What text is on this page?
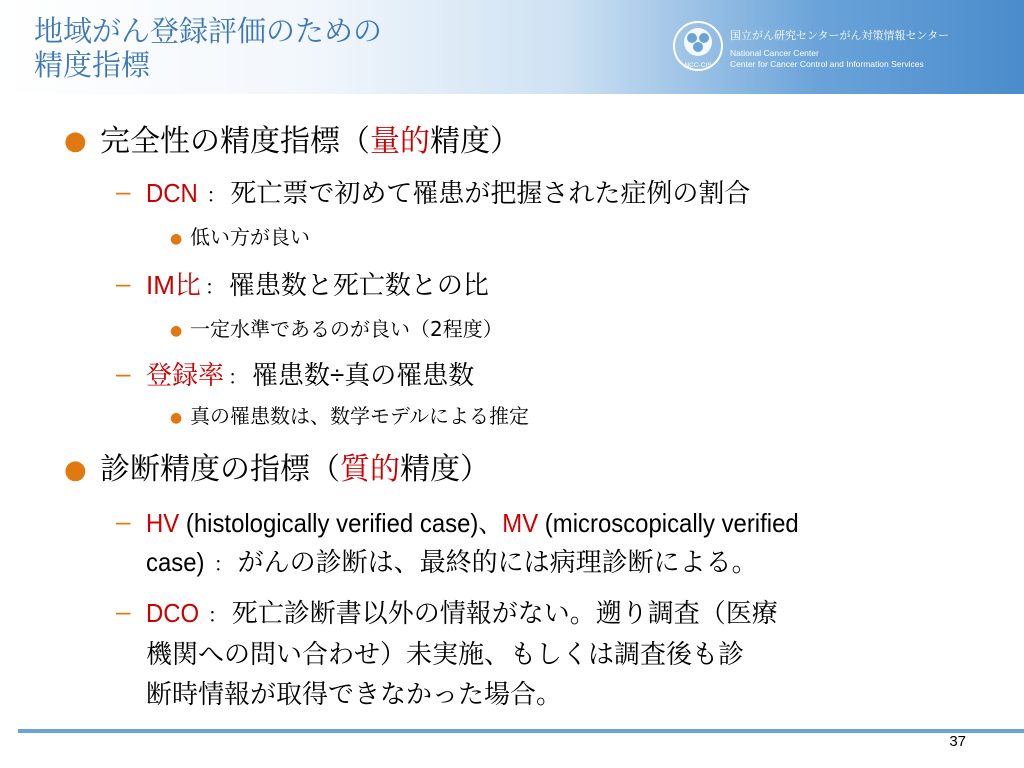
地域がん登録評価のための
精度指標	NCC-CIS
国立がん研究センターがん対策情報センター
National Cancer Center
Center for Cancer Control and Information Services
● 完全性の精度指標（量的精度）
– DCN ： 死亡票で初めて罹患が把握された症例の割合
● 低い方が良い
– IM比 ： 罹患数と死亡数との比
● 一定水準であるのが良い（2程度）
– 登録率 ： 罹患数÷真の罹患数
● 真の罹患数は、数学モデルによる推定
● 診断精度の指標（質的精度）
– HV (histologically verified case)、MV (microscopically verified
case) ： がんの診断は、最終的には病理診断による。
– DCO ： 死亡診断書以外の情報がない。遡り調査（医療
機関への問い合わせ）未実施、もしくは調査後も診
断時情報が取得できなかった場合。
37
